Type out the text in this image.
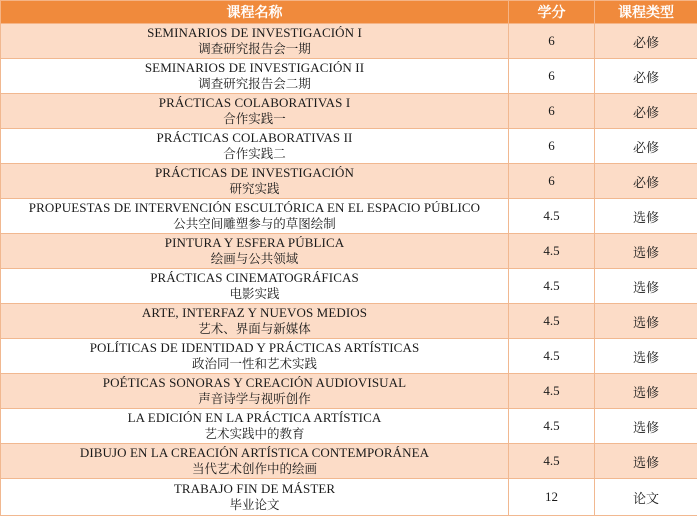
课程名称	学分	课程类型

SEMINARIOS DE INVESTIGACIÓN I
调查研究报告会一期	6	必修

SEMINARIOS DE INVESTIGACIÓN II
调查研究报告会二期	6	必修

PRÁCTICAS COLABORATIVAS I
合作实践一	6	必修

PRÁCTICAS COLABORATIVAS II
合作实践二	6	必修

PRÁCTICAS DE INVESTIGACIÓN
研究实践	6	必修

PROPUESTAS DE INTERVENCIÓN ESCULTÓRICA EN EL ESPACIO PÚBLICO
公共空间雕塑参与的草图绘制	4.5	选修

PINTURA Y ESFERA PÚBLICA
绘画与公共领域	4.5	选修

PRÁCTICAS CINEMATOGRÁFICAS
电影实践	4.5	选修

ARTE, INTERFAZ Y NUEVOS MEDIOS
艺术、界面与新媒体	4.5	选修

POLÍTICAS DE IDENTIDAD Y PRÁCTICAS ARTÍSTICAS
政治同一性和艺术实践	4.5	选修

POÉTICAS SONORAS Y CREACIÓN AUDIOVISUAL
声音诗学与视听创作	4.5	选修

LA EDICIÓN EN LA PRÁCTICA ARTÍSTICA
艺术实践中的教育	4.5	选修

DIBUJO EN LA CREACIÓN ARTÍSTICA CONTEMPORÁNEA
当代艺术创作中的绘画	4.5	选修

TRABAJO FIN DE MÁSTER
毕业论文	12	论文
